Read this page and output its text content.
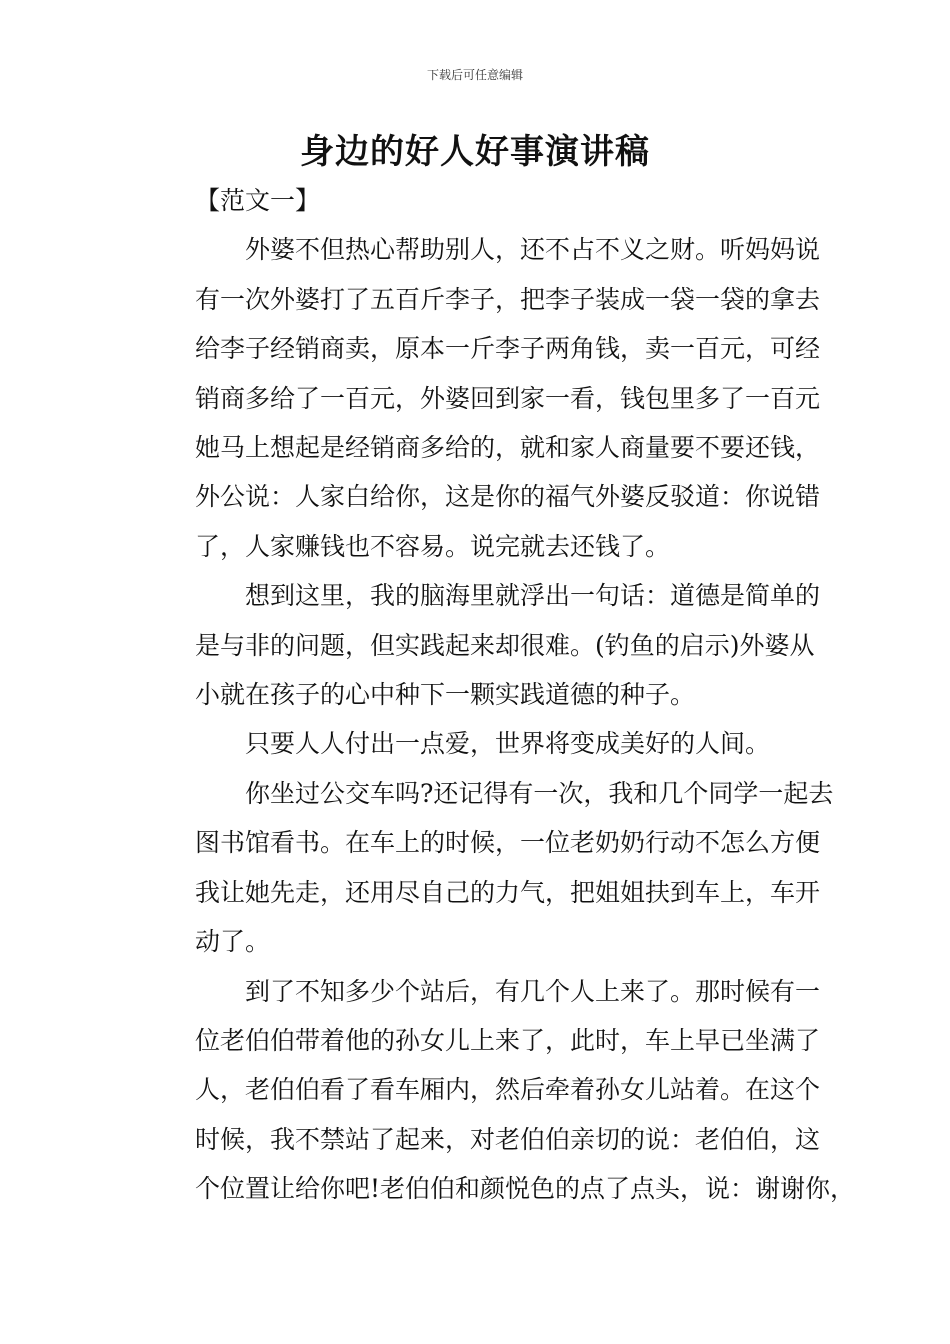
下载后可任意编辑
身边的好人好事演讲稿
【范文一】
外婆不但热心帮助别人，还不占不义之财。听妈妈说
有一次外婆打了五百斤李子，把李子装成一袋一袋的拿去
给李子经销商卖，原本一斤李子两角钱，卖一百元，可经
销商多给了一百元，外婆回到家一看，钱包里多了一百元
她马上想起是经销商多给的，就和家人商量要不要还钱，
外公说：人家白给你，这是你的福气外婆反驳道：你说错
了，人家赚钱也不容易。说完就去还钱了。
想到这里，我的脑海里就浮出一句话：道德是简单的
是与非的问题，但实践起来却很难。(钓鱼的启示)外婆从
小就在孩子的心中种下一颗实践道德的种子。
只要人人付出一点爱，世界将变成美好的人间。
你坐过公交车吗?还记得有一次，我和几个同学一起去
图书馆看书。在车上的时候，一位老奶奶行动不怎么方便
我让她先走，还用尽自己的力气，把姐姐扶到车上，车开
动了。
到了不知多少个站后，有几个人上来了。那时候有一
位老伯伯带着他的孙女儿上来了，此时，车上早已坐满了
人，老伯伯看了看车厢内，然后牵着孙女儿站着。在这个
时候，我不禁站了起来，对老伯伯亲切的说：老伯伯，这
个位置让给你吧!老伯伯和颜悦色的点了点头，说：谢谢你，
